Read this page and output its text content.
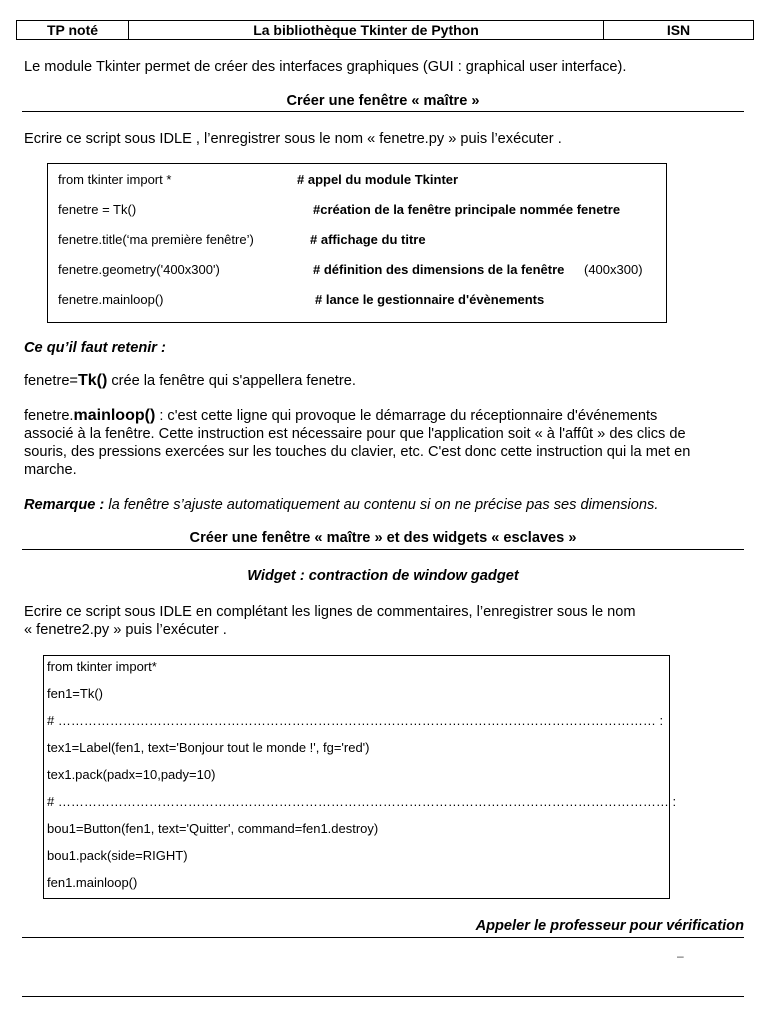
TP noté	La bibliothèque Tkinter de Python	ISN
Le module Tkinter permet de créer des interfaces graphiques (GUI : graphical user interface).
Créer une fenêtre « maître »
Ecrire ce script sous IDLE , l’enregistrer sous le nom « fenetre.py » puis l’exécuter .
from tkinter import *	# appel du module Tkinter
fenetre = Tk()	#création de la fenêtre principale nommée fenetre
fenetre.title(‘ma première fenêtre’)	# affichage du titre
fenetre.geometry('400x300')	# définition des dimensions de la fenêtre (400x300)
fenetre.mainloop()	# lance le gestionnaire d'évènements
Ce qu’il faut retenir :
fenetre=Tk() crée la fenêtre qui s'appellera fenetre.
fenetre.mainloop() : c'est cette ligne qui provoque le démarrage du réceptionnaire d'événements
associé à la fenêtre. Cette instruction est nécessaire pour que l'application soit « à l'affût » des clics de
souris, des pressions exercées sur les touches du clavier, etc. C'est donc cette instruction qui la met en
marche.
Remarque : la fenêtre s’ajuste automatiquement au contenu si on ne précise pas ses dimensions.
Créer une fenêtre « maître » et des widgets « esclaves »
Widget : contraction de window gadget
Ecrire ce script sous IDLE en complétant les lignes de commentaires, l’enregistrer sous le nom
« fenetre2.py » puis l’exécuter .
from tkinter import*
fen1=Tk()
# ………………………………………………………………………………………………………………………… :
tex1=Label(fen1, text='Bonjour tout le monde !', fg='red')
tex1.pack(padx=10,pady=10)
# …………………………………………………………………………………………………………………………… :
bou1=Button(fen1, text='Quitter', command=fen1.destroy)
bou1.pack(side=RIGHT)
fen1.mainloop()
Appeler le professeur pour vérification
–
